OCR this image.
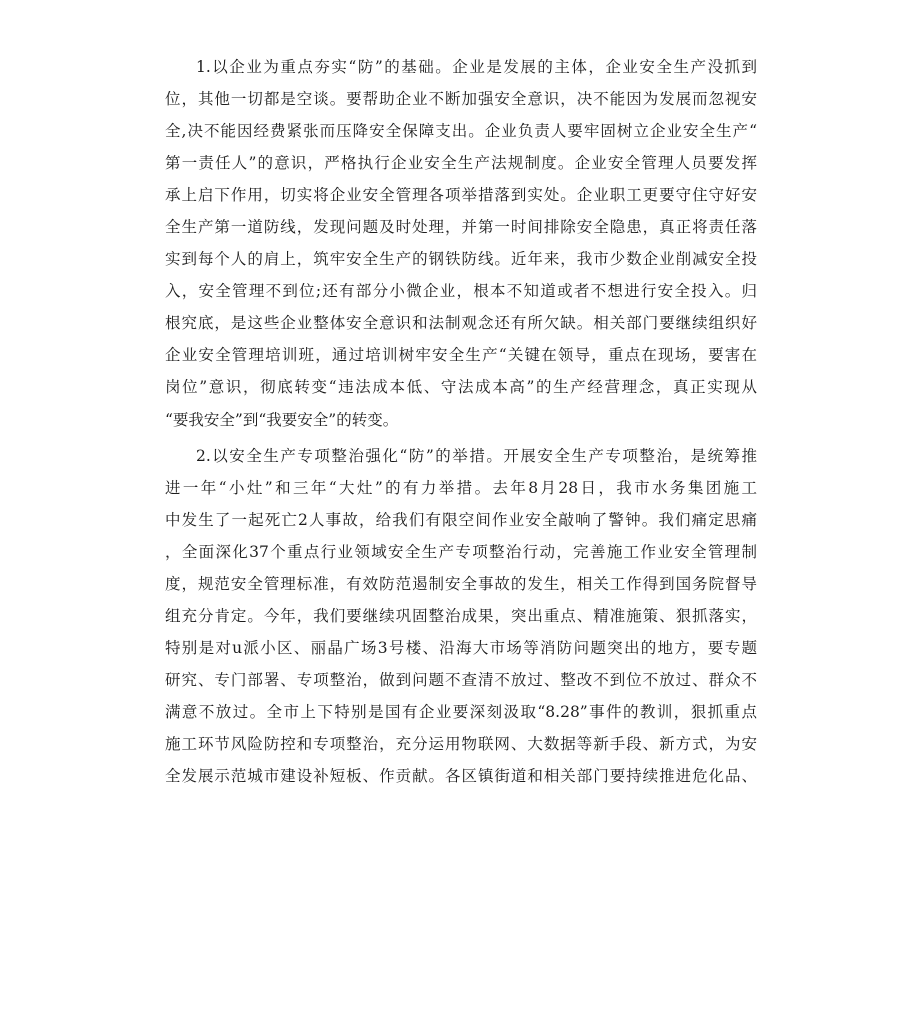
1.以企业为重点夯实“防”的基础。企业是发展的主体，企业安全生产没抓到
位，其他一切都是空谈。要帮助企业不断加强安全意识，决不能因为发展而忽视安
全,决不能因经费紧张而压降安全保障支出。企业负责人要牢固树立企业安全生产“
第一责任人”的意识，严格执行企业安全生产法规制度。企业安全管理人员要发挥
承上启下作用，切实将企业安全管理各项举措落到实处。企业职工更要守住守好安
全生产第一道防线，发现问题及时处理，并第一时间排除安全隐患，真正将责任落
实到每个人的肩上，筑牢安全生产的钢铁防线。近年来，我市少数企业削减安全投
入，安全管理不到位;还有部分小微企业，根本不知道或者不想进行安全投入。归
根究底，是这些企业整体安全意识和法制观念还有所欠缺。相关部门要继续组织好
企业安全管理培训班，通过培训树牢安全生产“关键在领导，重点在现场，要害在
岗位”意识，彻底转变“违法成本低、守法成本高”的生产经营理念，真正实现从
“要我安全”到“我要安全”的转变。
2.以安全生产专项整治强化“防”的举措。开展安全生产专项整治，是统筹推
进一年“小灶”和三年“大灶”的有力举措。去年8月28日，我市水务集团施工
中发生了一起死亡2人事故，给我们有限空间作业安全敲响了警钟。我们痛定思痛
，全面深化37个重点行业领域安全生产专项整治行动，完善施工作业安全管理制
度，规范安全管理标准，有效防范遏制安全事故的发生，相关工作得到国务院督导
组充分肯定。今年，我们要继续巩固整治成果，突出重点、精准施策、狠抓落实，
特别是对u派小区、丽晶广场3号楼、沿海大市场等消防问题突出的地方，要专题
研究、专门部署、专项整治，做到问题不查清不放过、整改不到位不放过、群众不
满意不放过。全市上下特别是国有企业要深刻汲取“8.28”事件的教训，狠抓重点
施工环节风险防控和专项整治，充分运用物联网、大数据等新手段、新方式，为安
全发展示范城市建设补短板、作贡献。各区镇街道和相关部门要持续推进危化品、
